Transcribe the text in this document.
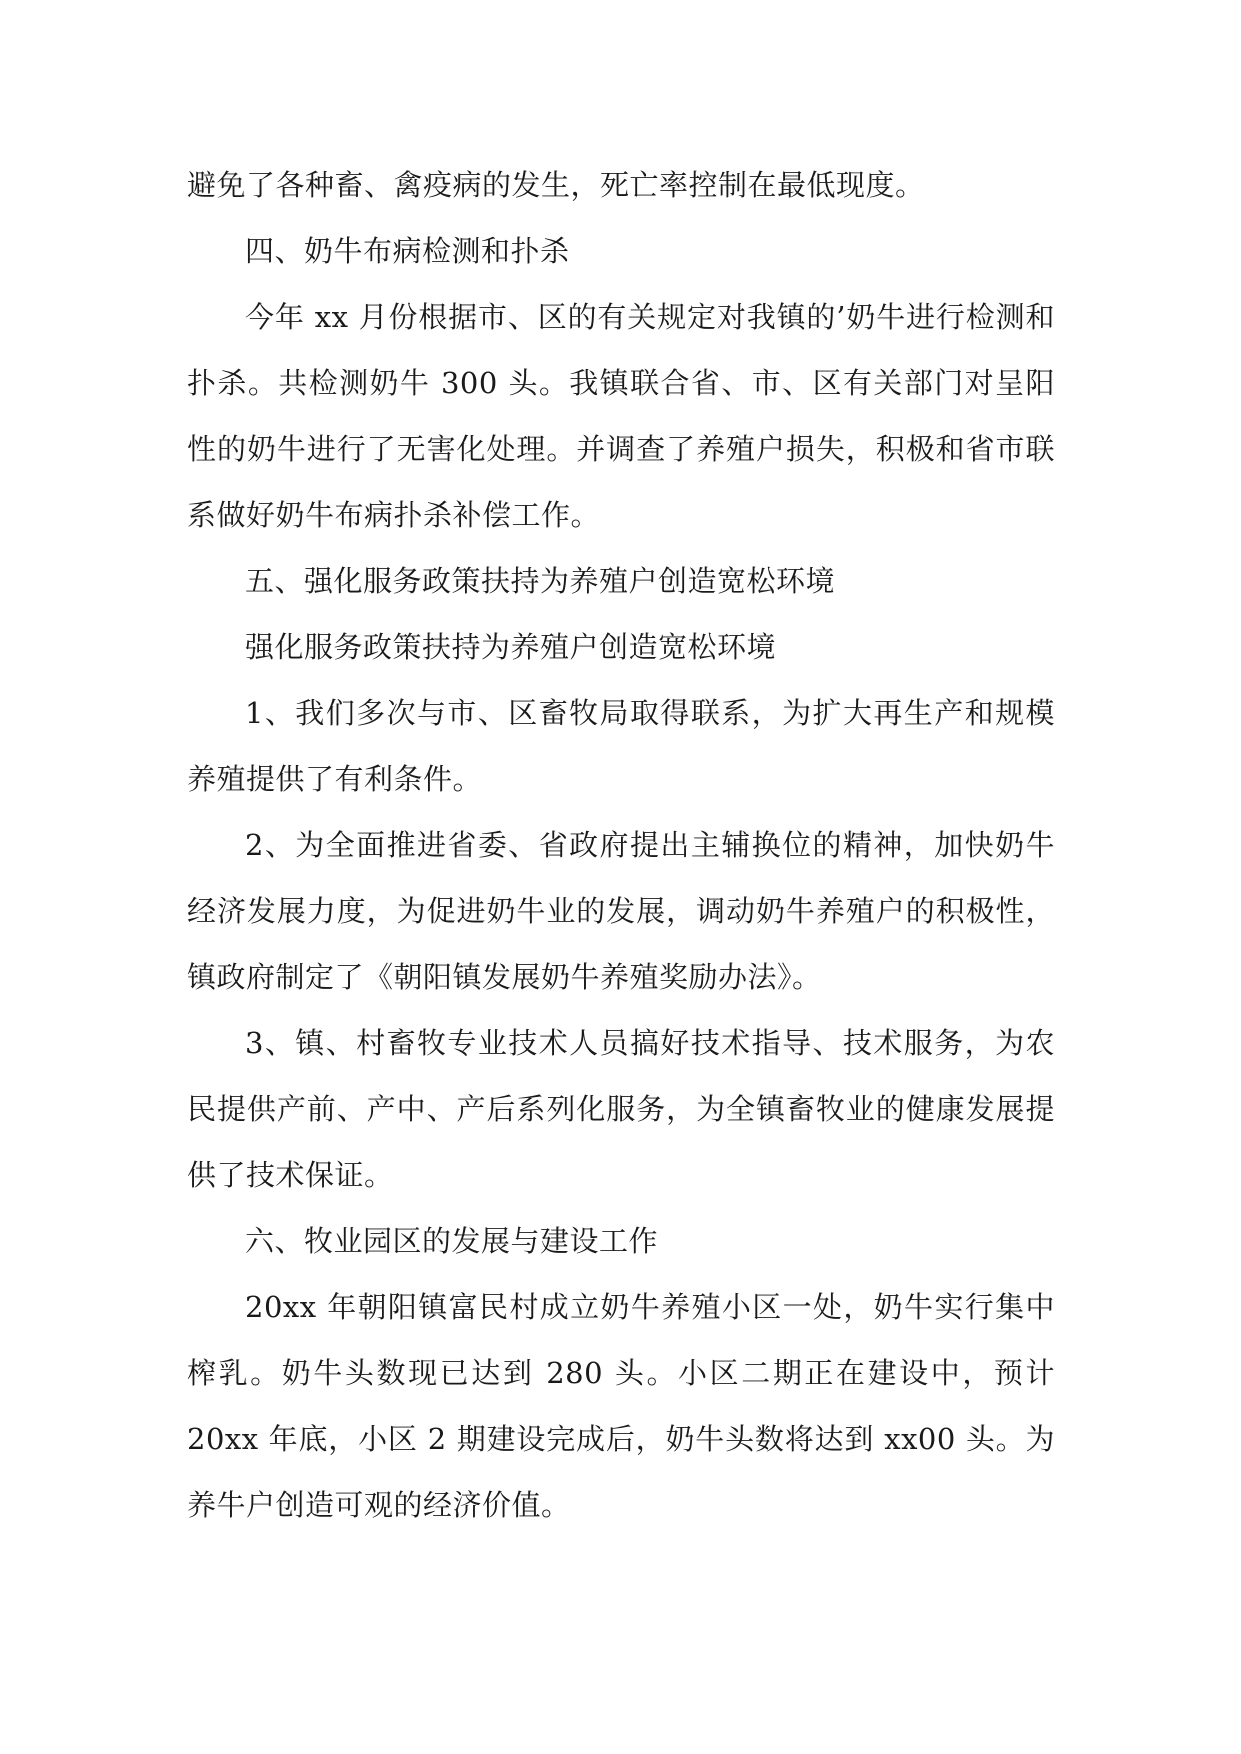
避免了各种畜、禽疫病的发生，死亡率控制在最低现度。

四、奶牛布病检测和扑杀

今年 xx 月份根据市、区的有关规定对我镇的’奶牛进行检测和扑杀。共检测奶牛 300 头。我镇联合省、市、区有关部门对呈阳性的奶牛进行了无害化处理。并调查了养殖户损失，积极和省市联系做好奶牛布病扑杀补偿工作。

五、强化服务政策扶持为养殖户创造宽松环境

强化服务政策扶持为养殖户创造宽松环境

1、我们多次与市、区畜牧局取得联系，为扩大再生产和规模养殖提供了有利条件。

2、为全面推进省委、省政府提出主辅换位的精神，加快奶牛经济发展力度，为促进奶牛业的发展，调动奶牛养殖户的积极性，镇政府制定了《朝阳镇发展奶牛养殖奖励办法》。

3、镇、村畜牧专业技术人员搞好技术指导、技术服务，为农民提供产前、产中、产后系列化服务，为全镇畜牧业的健康发展提供了技术保证。

六、牧业园区的发展与建设工作

20xx 年朝阳镇富民村成立奶牛养殖小区一处，奶牛实行集中榨乳。奶牛头数现已达到 280 头。小区二期正在建设中，预计 20xx 年底，小区 2 期建设完成后，奶牛头数将达到 xx00 头。为养牛户创造可观的经济价值。
